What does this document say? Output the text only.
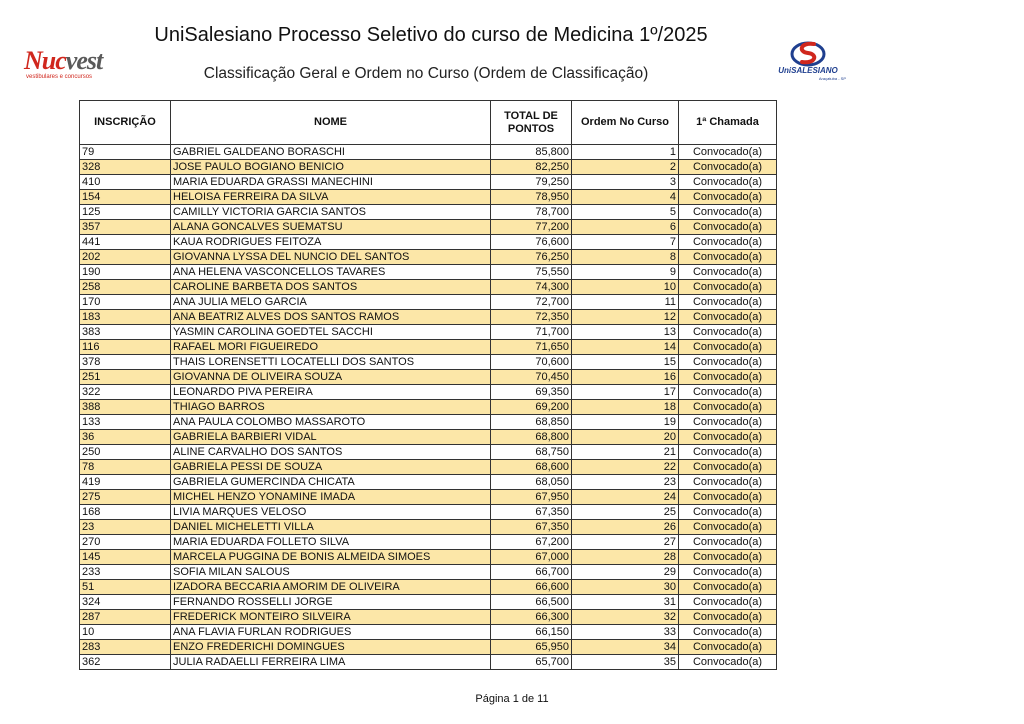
UniSalesiano Processo Seletivo do curso de Medicina 1º/2025
Nucvest
vestibulares e concursos	Classificação Geral e Ordem no Curso (Ordem de Classificação)	UniSALESIANO
Araçatuba - SP
INSCRIÇÃO	NOME	TOTAL DE PONTOS	Ordem No Curso	1ª Chamada
79	GABRIEL GALDEANO BORASCHI	85,800	1	Convocado(a)
328	JOSE PAULO BOGIANO BENICIO	82,250	2	Convocado(a)
410	MARIA EDUARDA GRASSI MANECHINI	79,250	3	Convocado(a)
154	HELOISA FERREIRA DA SILVA	78,950	4	Convocado(a)
125	CAMILLY VICTORIA GARCIA SANTOS	78,700	5	Convocado(a)
357	ALANA GONCALVES SUEMATSU	77,200	6	Convocado(a)
441	KAUA RODRIGUES FEITOZA	76,600	7	Convocado(a)
202	GIOVANNA LYSSA DEL NUNCIO DEL SANTOS	76,250	8	Convocado(a)
190	ANA HELENA VASCONCELLOS TAVARES	75,550	9	Convocado(a)
258	CAROLINE BARBETA DOS SANTOS	74,300	10	Convocado(a)
170	ANA JULIA MELO GARCIA	72,700	11	Convocado(a)
183	ANA BEATRIZ ALVES DOS SANTOS RAMOS	72,350	12	Convocado(a)
383	YASMIN CAROLINA GOEDTEL SACCHI	71,700	13	Convocado(a)
116	RAFAEL MORI FIGUEIREDO	71,650	14	Convocado(a)
378	THAIS LORENSETTI LOCATELLI DOS SANTOS	70,600	15	Convocado(a)
251	GIOVANNA DE OLIVEIRA SOUZA	70,450	16	Convocado(a)
322	LEONARDO PIVA PEREIRA	69,350	17	Convocado(a)
388	THIAGO BARROS	69,200	18	Convocado(a)
133	ANA PAULA COLOMBO MASSAROTO	68,850	19	Convocado(a)
36	GABRIELA BARBIERI VIDAL	68,800	20	Convocado(a)
250	ALINE CARVALHO DOS SANTOS	68,750	21	Convocado(a)
78	GABRIELA PESSI DE SOUZA	68,600	22	Convocado(a)
419	GABRIELA GUMERCINDA CHICATA	68,050	23	Convocado(a)
275	MICHEL HENZO YONAMINE IMADA	67,950	24	Convocado(a)
168	LIVIA MARQUES VELOSO	67,350	25	Convocado(a)
23	DANIEL MICHELETTI VILLA	67,350	26	Convocado(a)
270	MARIA EDUARDA FOLLETO SILVA	67,200	27	Convocado(a)
145	MARCELA PUGGINA DE BONIS ALMEIDA SIMOES	67,000	28	Convocado(a)
233	SOFIA MILAN SALOUS	66,700	29	Convocado(a)
51	IZADORA BECCARIA AMORIM DE OLIVEIRA	66,600	30	Convocado(a)
324	FERNANDO ROSSELLI JORGE	66,500	31	Convocado(a)
287	FREDERICK MONTEIRO SILVEIRA	66,300	32	Convocado(a)
10	ANA FLAVIA FURLAN RODRIGUES	66,150	33	Convocado(a)
283	ENZO FREDERICHI DOMINGUES	65,950	34	Convocado(a)
362	JULIA RADAELLI FERREIRA LIMA	65,700	35	Convocado(a)
Página 1 de 11
